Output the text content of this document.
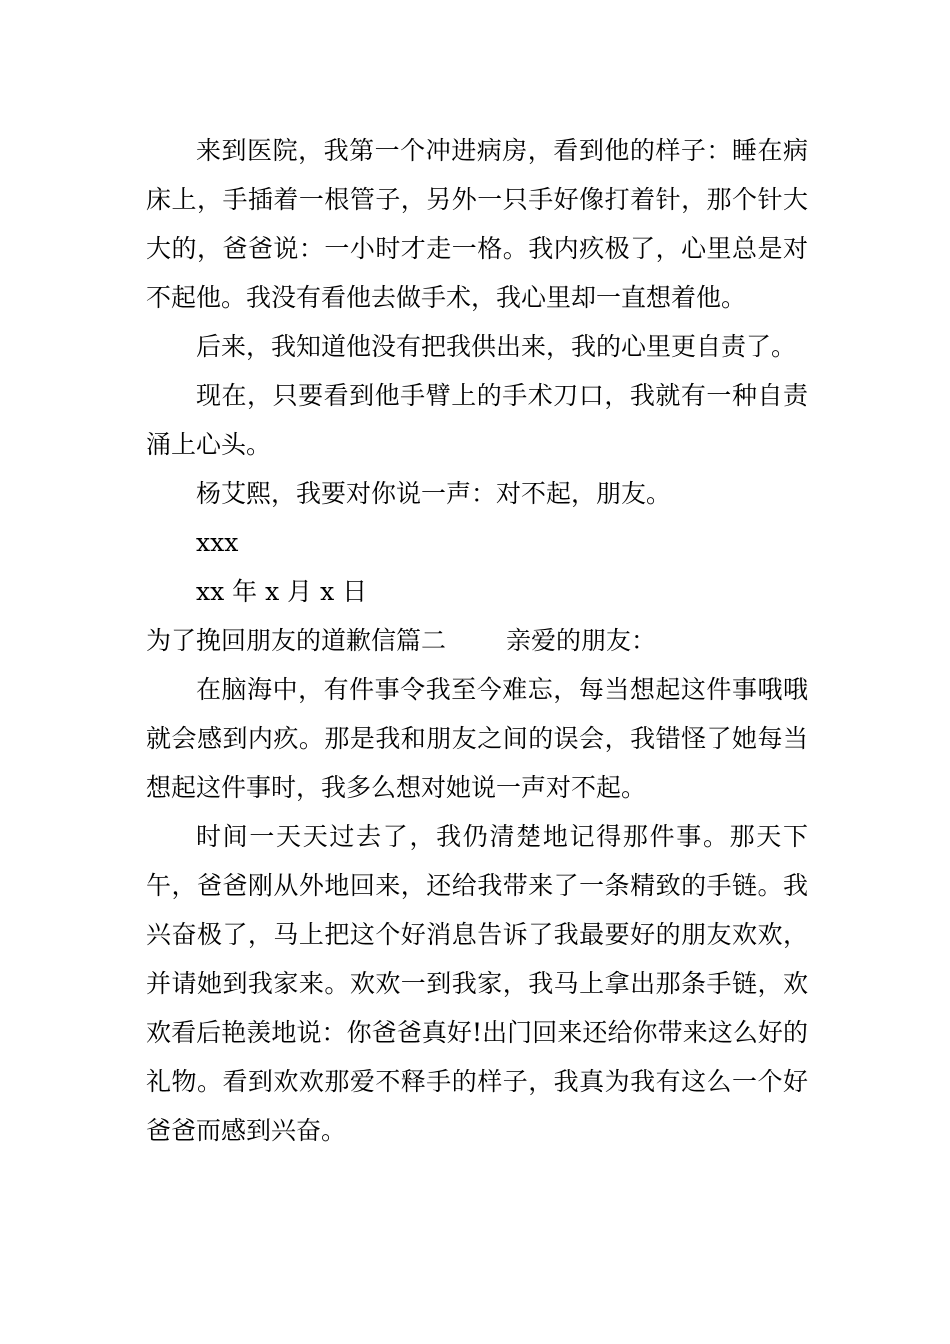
来到医院，我第一个冲进病房，看到他的样子：睡在病床上，手插着一根管子，另外一只手好像打着针，那个针大大的，爸爸说：一小时才走一格。我内疚极了，心里总是对不起他。我没有看他去做手术，我心里却一直想着他。

后来，我知道他没有把我供出来，我的心里更自责了。

现在，只要看到他手臂上的手术刀口，我就有一种自责涌上心头。

杨艾熙，我要对你说一声：对不起，朋友。

xxx

xx 年 x 月 x 日

为了挽回朋友的道歉信篇二 亲爱的朋友：

在脑海中，有件事令我至今难忘，每当想起这件事哦哦就会感到内疚。那是我和朋友之间的误会，我错怪了她每当想起这件事时，我多么想对她说一声对不起。

时间一天天过去了，我仍清楚地记得那件事。那天下午，爸爸刚从外地回来，还给我带来了一条精致的手链。我兴奋极了，马上把这个好消息告诉了我最要好的朋友欢欢，并请她到我家来。欢欢一到我家，我马上拿出那条手链，欢欢看后艳羡地说：你爸爸真好!出门回来还给你带来这么好的礼物。看到欢欢那爱不释手的样子，我真为我有这么一个好爸爸而感到兴奋。
